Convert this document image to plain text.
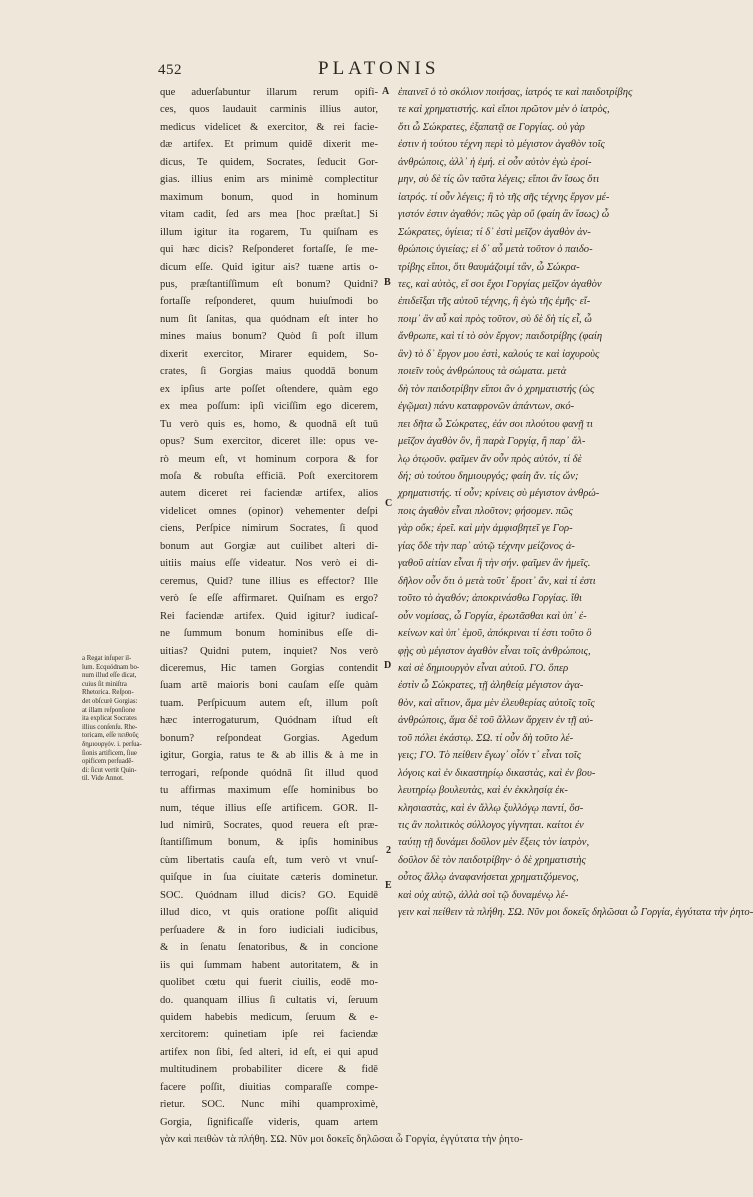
452	PLATONIS
que aduerſabuntur illarum rerum opifi-
ces, quos laudauit carminis illius autor,
medicus videlicet & exercitor, & rei facie-
dæ artifex. Et primum quidē dixerit me-
dicus, Te quidem, Socrates, ſeducit Gor-
gias. illius enim ars minimè complectitur
maximum bonum, quod in hominum
vitam cadit, ſed ars mea [hoc præſtat.] Si
illum igitur ita rogarem, Tu quiſnam es
qui hæc dicis? Reſponderet fortaſſe, ſe me-
dicum eſſe. Quid igitur ais? tuæne artis o-
pus, præſtantiſſimum eſt bonum? Quidni?
fortaſſe reſponderet, quum huiuſmodi bo
num ſit ſanitas, qua quódnam eſt inter ho
mines maius bonum? Quòd ſi poſt illum
dixerit exercitor, Mirarer equidem, So-
crates, ſi Gorgias maius quoddā bonum
ex ipſius arte poſſet oſtendere, quàm ego
ex mea poſſum: ipſi viciſſim ego dicerem,
Tu verò quis es, homo, & quodnā eſt tuū
opus? Sum exercitor, diceret ille: opus ve-
rò meum eſt, vt hominum corpora & for
moſa & robuſta efficiā. Poſt exercitorem
autem diceret rei faciendæ artifex, alios
videlicet omnes (opinor) vehementer deſpi
ciens, Perſpice nimirum Socrates, ſi quod
bonum aut Gorgiæ aut cuilibet alteri di-
uitiis maius eſſe videatur. Nos verò ei di-
ceremus, Quid? tune illius es effector? Ille
verò ſe eſſe affirmaret. Quiſnam es ergo?
Rei faciendæ artifex. Quid igitur? iudicaſ-
ne ſummum bonum hominibus eſſe di-
uitias? Quidni putem, inquiet? Nos verò
diceremus, Hic tamen Gorgias contendit
ſuam artē maioris boni cauſam eſſe quàm
tuam. Perſpicuum autem eſt, illum poſt
hæc interrogaturum, Quódnam iſtud eſt
bonum? reſpondeat Gorgias. Agedum
igitur, Gorgia, ratus te & ab illis & à me in
terrogari, reſponde quódnā ſit illud quod
tu affirmas maximum eſſe hominibus bo
num, téque illius eſſe artificem. GOR. Il-
lud nimirū, Socrates, quod reuera eſt præ-
ſtantiſſimum bonum, & ipſis hominibus
cùm libertatis cauſa eſt, tum verò vt vnuſ-
quiſque in ſua ciuitate cæteris dominetur.
SOC. Quódnam illud dicis? GO. Equidē
illud dico, vt quis oratione poſſit aliquid
perſuadere & in foro iudiciali iudicibus,
& in ſenatu ſenatoribus, & in concione
iis qui ſummam habent autoritatem, & in
quolibet cœtu qui fuerit ciuilis, eodē mo-
do. quanquam illius ſi cultatis vi, ſeruum
quidem habebis medicum, ſeruum & e-
xercitorem: quinetiam ipſe rei faciendæ
artifex non ſibi, ſed alteri, id eſt, ei qui apud
multitudinem probabiliter dicere & fidē
facere poſſit, diuitias comparaſſe compe-
rietur. SOC. Nunc mihi quamproximè,
Gorgia, ſignificaſſe videris, quam artem
γὰν καὶ πειθὼν τὰ πλήθη. ΣΩ. Νῦν μοι δοκεῖς δηλῶσαι ὦ Γοργία, ἐγγύτατα τὴν ῥητο-
ἐπαινεῖ ὁ τὸ σκόλιον ποιήσας, ἰατρός τε καὶ παιδοτρίβης
τε καὶ χρηματιστής. καὶ εἴποι πρῶτον μὲν ὁ ἰατρὸς,
ὅτι ὦ Σώκρατες, ἐξαπατᾷ σε Γοργίας. οὐ γὰρ
ἐστιν ἡ τούτου τέχνη περὶ τὸ μέγιστον ἀγαθὸν τοῖς
ἀνθρώποις, ἀλλ᾽ ἡ ἐμή. εἰ οὖν αὐτὸν ἐγὼ ἐροί-
μην, σὺ δὲ τίς ὢν ταῦτα λέγεις; εἴποι ἂν ἴσως ὅτι
ἰατρός. τί οὖν λέγεις; ἢ τὸ τῆς σῆς τέχνης ἔργον μέ-
γιστόν ἐστιν ἀγαθόν; πῶς γὰρ οὔ (φαίη ἂν ἴσως) ὦ
Σώκρατες, ὑγίεια; τί δ᾽ ἐστὶ μεῖζον ἀγαθὸν ἀν-
θρώποις ὑγιείας; εἰ δ᾽ αὖ μετὰ τοῦτον ὁ παιδο-
τρίβης εἴποι, ὅτι θαυμάζοιμί τἂν, ὦ Σώκρα-
τες, καὶ αὐτὸς, εἴ σοι ἔχοι Γοργίας μεῖζον ἀγαθὸν
ἐπιδεῖξαι τῆς αὑτοῦ τέχνης, ἢ ἐγὼ τῆς ἐμῆς· εἴ-
ποιμ᾽ ἂν αὖ καὶ πρὸς τοῦτον, σὺ δὲ δὴ τίς εἶ, ὦ
ἄνθρωπε, καὶ τί τὸ σὸν ἔργον; παιδοτρίβης (φαίη
ἂν) τὸ δ᾽ ἔργον μου ἐστὶ, καλούς τε καὶ ἰσχυροὺς
ποιεῖν τοὺς ἀνθρώπους τὰ σώματα. μετὰ
δὴ τὸν παιδοτρίβην εἴποι ἂν ὁ χρηματιστής (ὡς
ἐγῷμαι) πάνυ καταφρονῶν ἁπάντων, σκό-
πει δῆτα ὦ Σώκρατες, ἐάν σοι πλούτου φανῇ τι
μεῖζον ἀγαθὸν ὂν, ἢ παρὰ Γοργίᾳ, ἢ παρ᾽ ἄλ-
λῳ ὁτῳοῦν. φαῖμεν ἂν οὖν πρὸς αὐτόν, τί δὲ
δή; σὺ τούτου δημιουργός; φαίη ἄν. τίς ὤν;
χρηματιστής. τί οὖν; κρίνεις σὺ μέγιστον ἀνθρώ-
ποις ἀγαθὸν εἶναι πλοῦτον; φήσομεν. πῶς
γὰρ οὔκ; ἐρεῖ. καὶ μὴν ἀμφισβητεῖ γε Γορ-
γίας ὅδε τὴν παρ᾽ αὑτῷ τέχνην μείζονος ἀ-
γαθοῦ αἰτίαν εἶναι ἢ τὴν σήν. φαῖμεν ἂν ἡμεῖς.
δῆλον οὖν ὅτι ὁ μετὰ τοῦτ᾽ ἔροιτ᾽ ἂν, καὶ τί ἐστι
τοῦτο τὸ ἀγαθόν; ἀποκρινάσθω Γοργίας. ἴθι
οὖν νομίσας, ὦ Γοργία, ἐρωτᾶσθαι καὶ ὑπ᾽ ἐ-
κείνων καὶ ὑπ᾽ ἐμοῦ, ἀπόκριναι τί ἐστι τοῦτο ὃ
φῂς σὺ μέγιστον ἀγαθὸν εἶναι τοῖς ἀνθρώποις,
καὶ σὲ δημιουργὸν εἶναι αὐτοῦ. ΓΟ. ὅπερ
ἐστὶν ὦ Σώκρατες, τῇ ἀληθείᾳ μέγιστον ἀγα-
θὸν, καὶ αἴτιον, ἅμα μὲν ἐλευθερίας αὐτοῖς τοῖς
ἀνθρώποις, ἅμα δὲ τοῦ ἄλλων ἄρχειν ἐν τῇ αὐ-
τοῦ πόλει ἑκάστῳ. ΣΩ. τί οὖν δὴ τοῦτο λέ-
γεις; ΓΟ. Τὸ πείθειν ἔγωγ᾽ οἷόν τ᾽ εἶναι τοῖς
λόγοις καὶ ἐν δικαστηρίῳ δικαστὰς, καὶ ἐν βου-
λευτηρίῳ βουλευτὰς, καὶ ἐν ἐκκλησίᾳ ἐκ-
κλησιαστὰς, καὶ ἐν ἄλλῳ ξυλλόγῳ παντί, ὅσ-
τις ἂν πολιτικὸς σύλλογος γίγνηται. καίτοι ἐν
ταύτῃ τῇ δυνάμει δοῦλον μὲν ἕξεις τὸν ἰατρὸν,
δοῦλον δὲ τὸν παιδοτρίβην· ὁ δὲ χρηματιστὴς
οὗτος ἄλλῳ ἀναφανήσεται χρηματιζόμενος,
καὶ οὐχ αὑτῷ, ἀλλὰ σοὶ τῷ δυναμένῳ λέ-
γειν καὶ πείθειν τὰ πλήθη. ΣΩ. Νῦν μοι δοκεῖς δηλῶσαι ὦ Γοργία, ἐγγύτατα τὴν ῥητο-
a Regat inſuper il-
lum. Ecquódnam bo-
num illud eſſe dicat,
cuius ſit miniſtra
Rhetorica. Reſpon-
det obſcurè Gorgias:
at illam reſponſione
ita explicat Socrates
illius conſenſu. Rhe-
toricam, eſſe πειθοῦς
δημιουργόν. i. perſua-
ſionis artificem, ſiue
opificem perſuadē-
di: ſicut vertit Quin-
til. Vide Annot.
A
B
C
D
2
E
